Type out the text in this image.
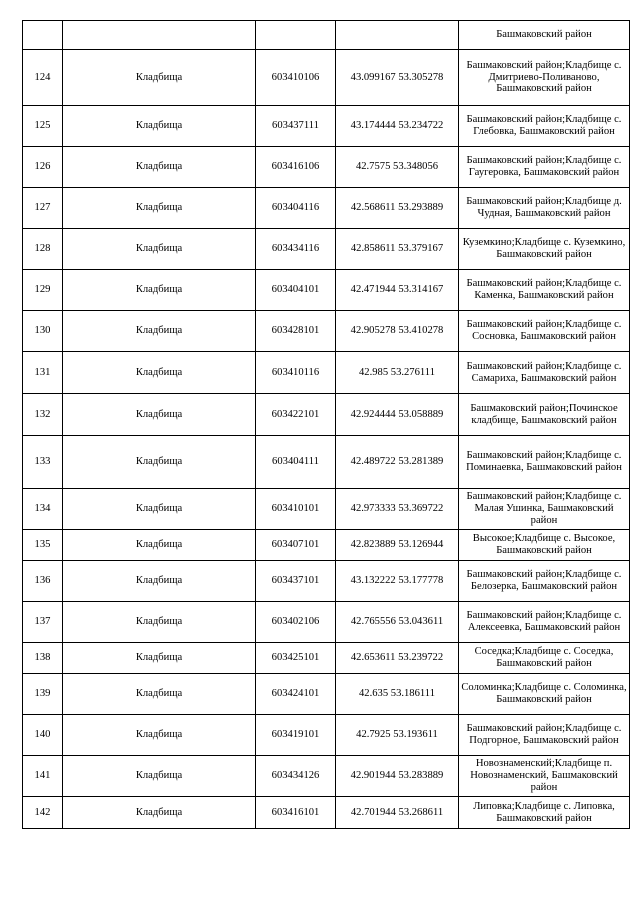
				Башмаковский район
124	Кладбища	603410106	43.099167 53.305278	Башмаковский район;Кладбище с. Дмитриево-Поливаново, Башмаковский район
125	Кладбища	603437111	43.174444 53.234722	Башмаковский район;Кладбище с. Глебовка, Башмаковский район
126	Кладбища	603416106	42.7575 53.348056	Башмаковский район;Кладбище с. Гаугеровка, Башмаковский район
127	Кладбища	603404116	42.568611 53.293889	Башмаковский район;Кладбище д. Чудная, Башмаковский район
128	Кладбища	603434116	42.858611 53.379167	Куземкино;Кладбище с. Куземкино, Башмаковский район
129	Кладбища	603404101	42.471944 53.314167	Башмаковский район;Кладбище с. Каменка, Башмаковский район
130	Кладбища	603428101	42.905278 53.410278	Башмаковский район;Кладбище с. Сосновка, Башмаковский район
131	Кладбища	603410116	42.985 53.276111	Башмаковский район;Кладбище с. Самариха, Башмаковский район
132	Кладбища	603422101	42.924444 53.058889	Башмаковский район;Починское кладбище, Башмаковский район
133	Кладбища	603404111	42.489722 53.281389	Башмаковский район;Кладбище с. Поминаевка, Башмаковский район
134	Кладбища	603410101	42.973333 53.369722	Башмаковский район;Кладбище с. Малая Ушинка, Башмаковский район
135	Кладбища	603407101	42.823889 53.126944	Высокое;Кладбище с. Высокое, Башмаковский район
136	Кладбища	603437101	43.132222 53.177778	Башмаковский район;Кладбище с. Белозерка, Башмаковский район
137	Кладбища	603402106	42.765556 53.043611	Башмаковский район;Кладбище с. Алексеевка, Башмаковский район
138	Кладбища	603425101	42.653611 53.239722	Соседка;Кладбище с. Соседка, Башмаковский район
139	Кладбища	603424101	42.635 53.186111	Соломинка;Кладбище с. Соломинка, Башмаковский район
140	Кладбища	603419101	42.7925 53.193611	Башмаковский район;Кладбище с. Подгорное, Башмаковский район
141	Кладбища	603434126	42.901944 53.283889	Новознаменский;Кладбище п. Новознаменский, Башмаковский район
142	Кладбища	603416101	42.701944 53.268611	Липовка;Кладбище с. Липовка, Башмаковский район
